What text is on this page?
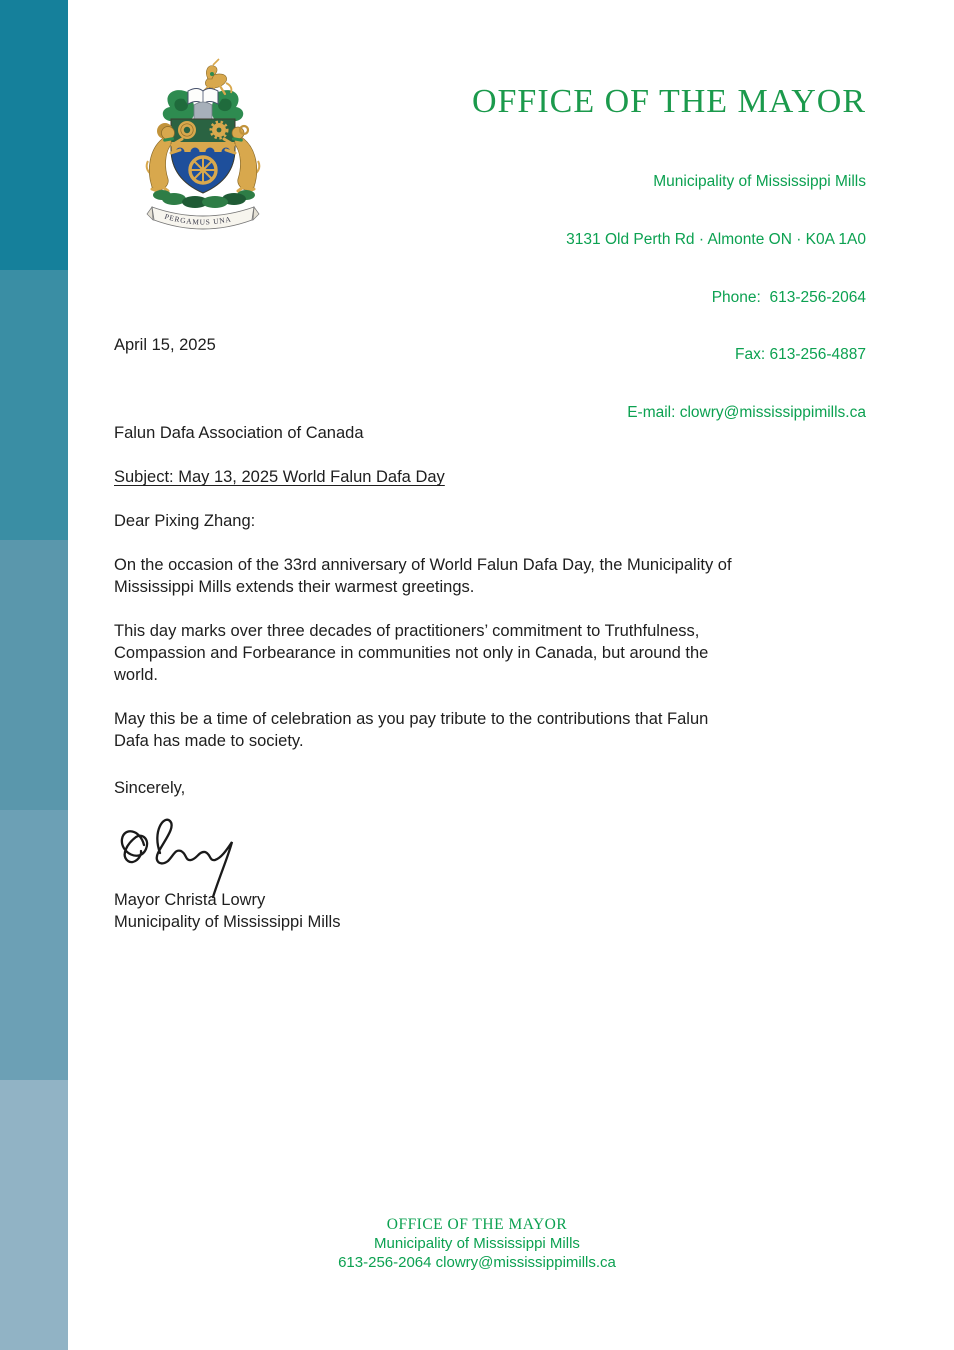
PERGAMUS UNA
OFFICE OF THE MAYOR

Municipality of Mississippi Mills

3131 Old Perth Rd · Almonte ON · K0A 1A0

Phone:  613-256-2064

Fax: 613-256-4887

E-mail: clowry@mississippimills.ca

April 15, 2025

Falun Dafa Association of Canada

Subject: May 13, 2025 World Falun Dafa Day

Dear Pixing Zhang:

On the occasion of the 33rd anniversary of World Falun Dafa Day, the Municipality of
Mississippi Mills extends their warmest greetings.

This day marks over three decades of practitioners’ commitment to Truthfulness,
Compassion and Forbearance in communities not only in Canada, but around the
world.

May this be a time of celebration as you pay tribute to the contributions that Falun
Dafa has made to society.

Sincerely,

Mayor Christa Lowry

Municipality of Mississippi Mills

OFFICE OF THE MAYOR
Municipality of Mississippi Mills
613-256-2064 clowry@mississippimills.ca
